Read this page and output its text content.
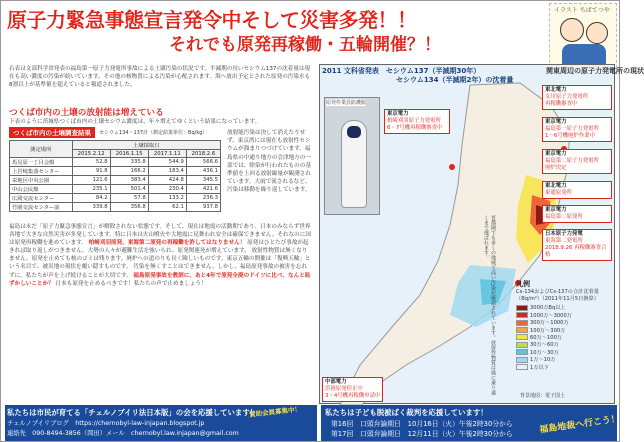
原子力緊急事態宣言発令中そして災害多発！！
それでも原発再稼働・五輪開催？！
イラスト ちばてつや

右表は文部科学省発表の福島第一原子力発電所事故による土壌汚染の状況です。半減期の長いセシウム137の沈着量は現在も高い濃度の汚染が続いています。その他の核物質による汚染が心配されます。海へ放出予定とされた原発の汚染水も8割以上が基準値を超えていると報道されました。

つくば市内の土壌の放射能は増えている
下表のように茨城県つくば市内の土壌セシウム濃度は、年々増えてゆくという結果になっています。
つくば市内の土壌調査結果	セシウム134・137計（測定結果単位：Bq/kg）
測定場所	土壌採取日			
	2015.2.12	2016.1.15	2017.1.11	2018.2.6
馬見原一丁目会館	52.8	335.8	544.9	566.6
上岩崎集落センター	91.8	166.2	183.4	436.1
栄地区中央公園	121.6	383.4	424.8	345.5
中山公民館	235.1	501.4	230.4	421.6
広岡交流センター	84.2	57.8	133.2	236.3
竹園交流センター前	339.8	356.8	62.1	937.8

放射能汚染は決して消えたりせず、東京湾には現在も放射性セシウムが溜まりつづけています。福島県の中通り地方の会津地方の一部では、除染が行われたものの基準値を上回る放射線量が観測されています。大雨で流されるなど、汚染は移動を繰り返しています。

福島は未だ「原子力緊急事態宣言」が解除されない状態です。そして、現在は地震の活動期であり、日本のみならず世界各地で大きな自然災害が多発しています。特に日本は火山噴火や大地震に見舞われ安全は確保できません。それなのに国は原発再稼働を進めています。 柏崎刈羽原発、東海第二原発の再稼働を許してはなりません！ 原発はひとたび事故が起きれば取り返しがつきません。大勢の人々が避難生活を強いられ、原発関連死が増えています。 放射性物質は無くなりません。原発を止めても核のゴミは残ります。廃炉への道のりも長く険しいものです。東京五輪の開催は「復興五輪」という名目で、被災地の現状を覆い隠すものです。 汚染を無くすことはできません。しかし、福島原発事故の被害を忘れずに、私たちが声を上げ続けることが大切です。 福島原発事故を教訓に、あと4年で原発全廃のドイツに比べ、なんと恥ずかしいことか？ 日本も原発を止めるべきです！私たちの声で止めましょう！
2011 文科省発表　セシウム137（半減期30年）
セシウム134（半減期2年）の沈着量
関東周辺の原子力発電所の現状
原発作業員防護服
東京電力
柏崎刈羽原子力発電所
6・7号機再稼働審査中
東北電力
女川原子力発電所
再稼働審査中
東京電力
福島第一原子力発電所
1〜6号機廃炉作業中
東京電力
福島第二原子力発電所
廃炉決定
東北電力
東通原発所
東京電力
福島第二原発所
日本原子力発電
東海第二発電所
2018.9.26 再稼働審査合格
首都圏でも多くの地域で高い汚染が確認されています。放射性物質は風に乗り遠くまで運ばれます。
凡例
Cs-134およびCs-137の合計沈着量（Bq/m²）（2011年11月5日換算）
3000万Bq以上
1000万〜3000万
300万〜1000万
100万〜300万
60万〜100万
30万〜60万
10万〜30万
1万〜10万
1万以下
中部電力
浜岡原発停止中
3・4号機再稼働申請中	背景地図：電子国土
私たちは市民が育てる「チェルノブイリ法日本版」の会を応援しています！
チェルノブイリブログ　https://chernobyl-law-injapan.blogspot.jp
連絡先　090-8494-3856（岡田）メール　chernobyl.law.injapan@gmail.com
賛助会員募集中！	私たちは子ども脱被ばく裁判を応援しています！
第16回　口頭弁論期日　10月16日（火）午後2時30分から
第17回　口頭弁論期日　12月11日（火）午後2時30分から	福島地裁へ行こう！
